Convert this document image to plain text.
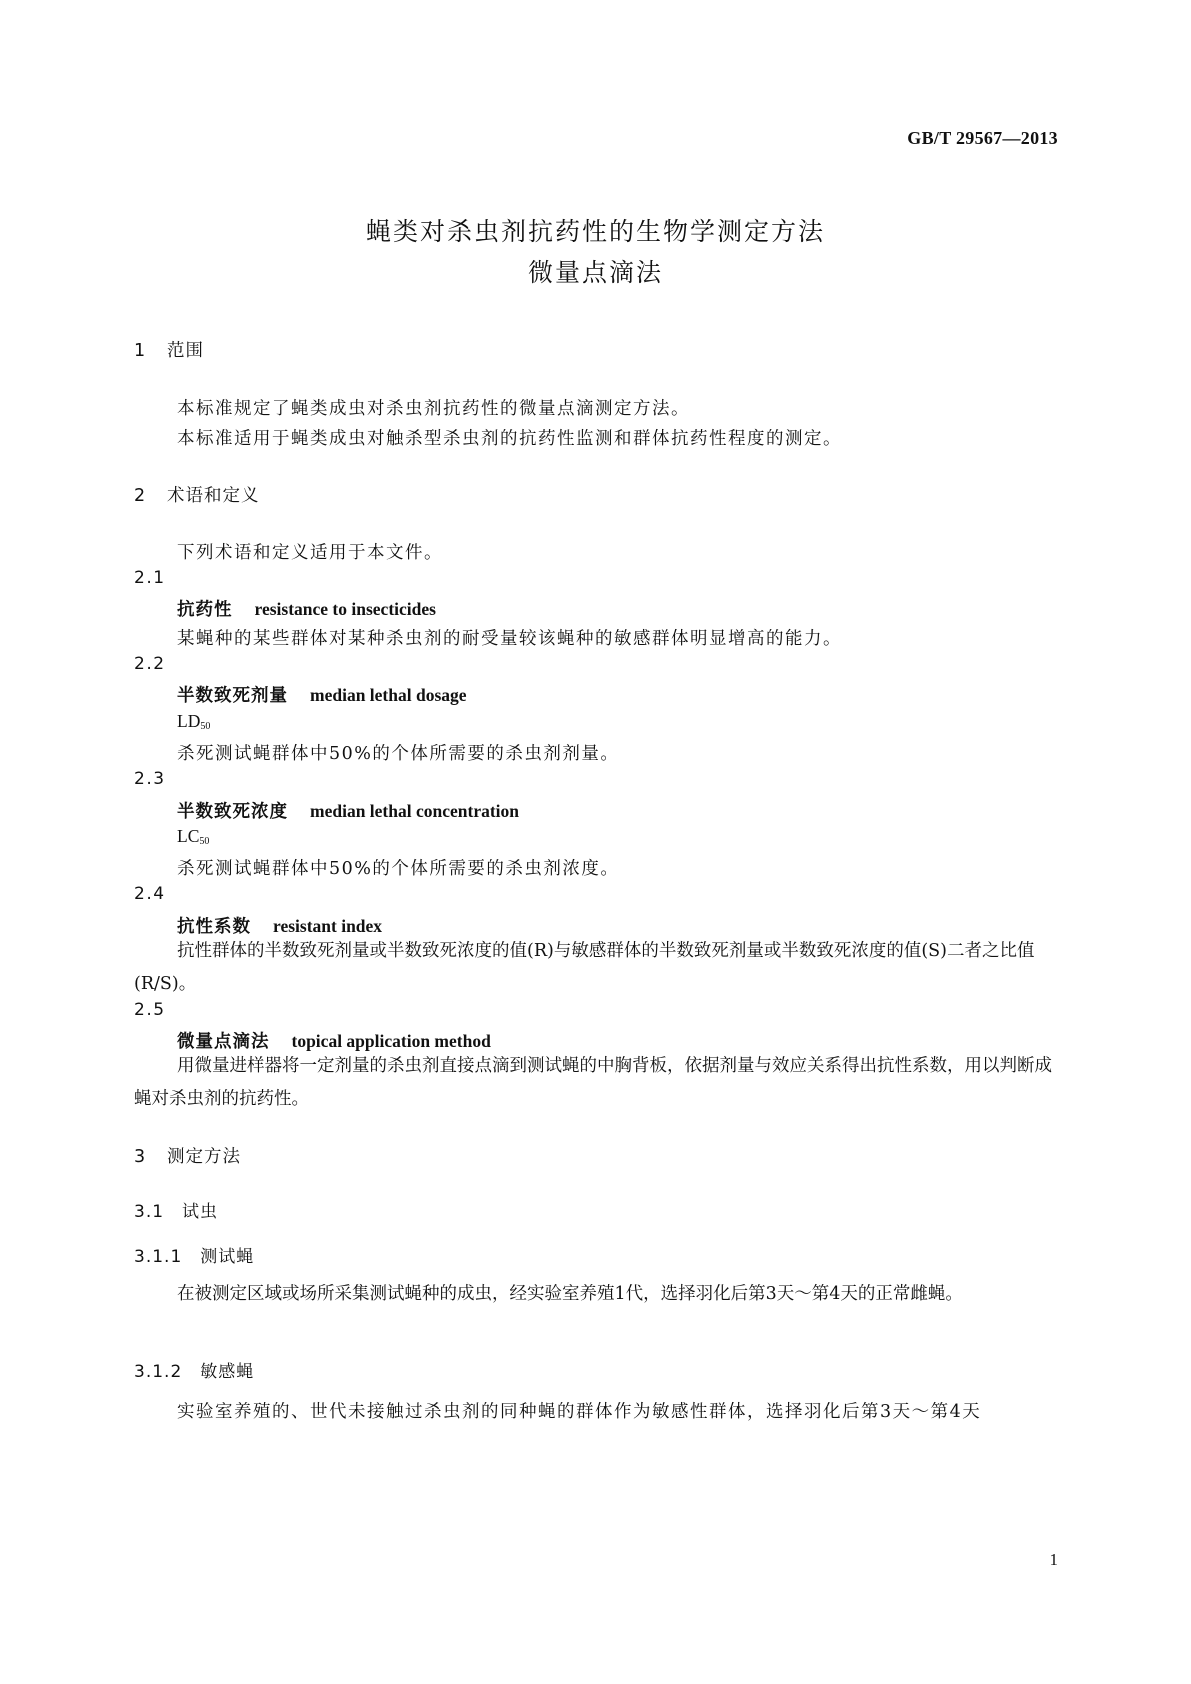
GB/T 29567—2013
蝇类对杀虫剂抗药性的生物学测定方法
微量点滴法
1 范围
本标准规定了蝇类成虫对杀虫剂抗药性的微量点滴测定方法。
本标准适用于蝇类成虫对触杀型杀虫剂的抗药性监测和群体抗药性程度的测定。
2 术语和定义
下列术语和定义适用于本文件。
2.1
抗药性 resistance to insecticides
某蝇种的某些群体对某种杀虫剂的耐受量较该蝇种的敏感群体明显增高的能力。
2.2
半数致死剂量 median lethal dosage
$LD_{50}$
杀死测试蝇群体中50%的个体所需要的杀虫剂剂量。
2.3
半数致死浓度 median lethal concentration
$LC_{50}$
杀死测试蝇群体中50%的个体所需要的杀虫剂浓度。
2.4
抗性系数 resistant index
抗性群体的半数致死剂量或半数致死浓度的值(R)与敏感群体的半数致死剂量或半数致死浓度的值(S)二者之比值(R/S)。
2.5
微量点滴法 topical application method
用微量进样器将一定剂量的杀虫剂直接点滴到测试蝇的中胸背板，依据剂量与效应关系得出抗性系数，用以判断成蝇对杀虫剂的抗药性。
3 测定方法
3.1 试虫
3.1.1 测试蝇
在被测定区域或场所采集测试蝇种的成虫，经实验室养殖1代，选择羽化后第3天～第4天的正常雌蝇。
3.1.2 敏感蝇
实验室养殖的、世代未接触过杀虫剂的同种蝇的群体作为敏感性群体，选择羽化后第3天～第4天
1
